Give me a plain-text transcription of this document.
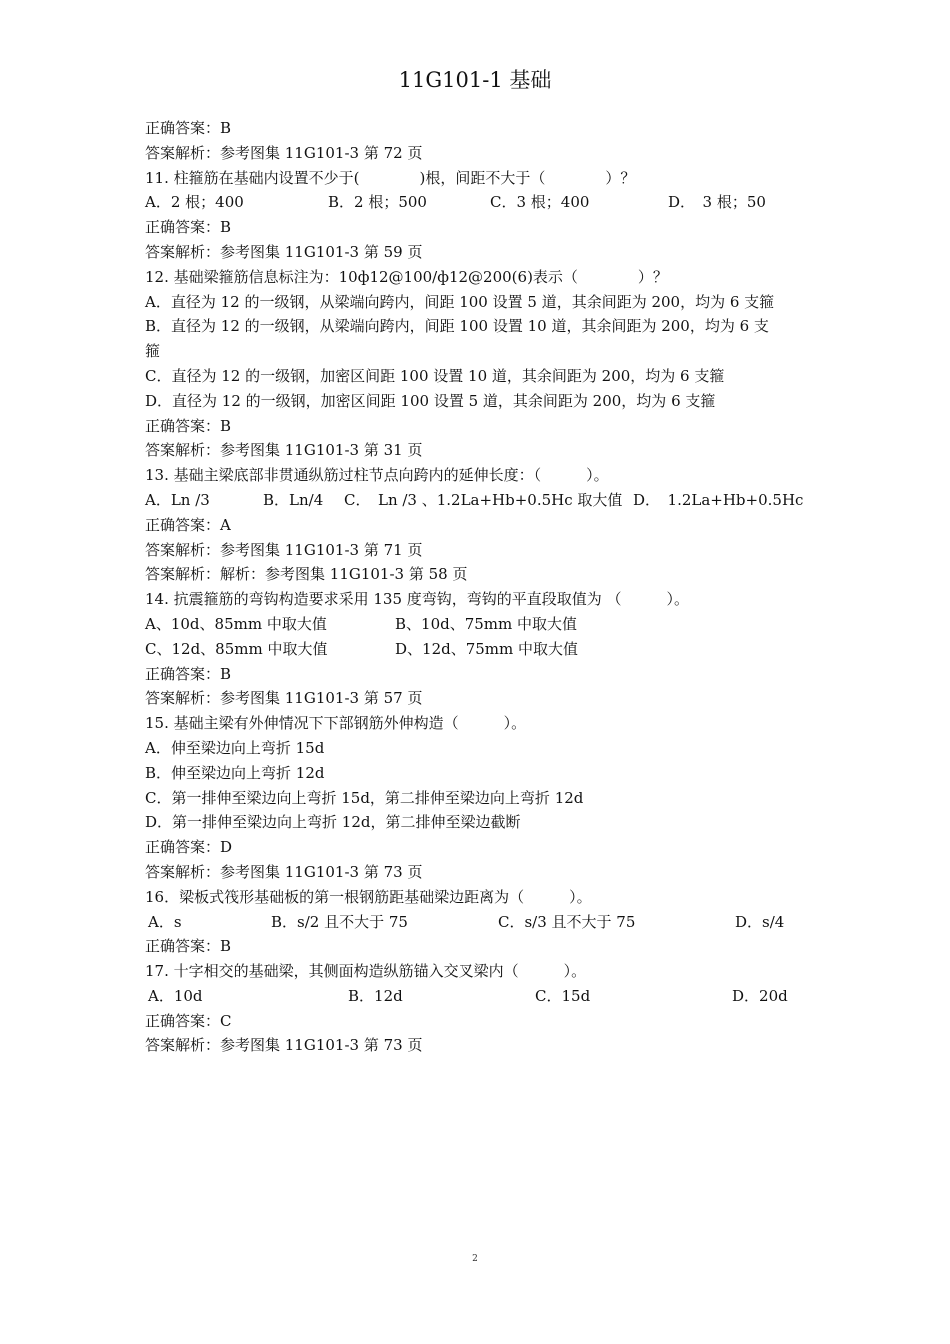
11G101-1 基础
正确答案：B
答案解析：参考图集 11G101-3 第 72 页
11. 柱箍筋在基础内设置不少于(　　　　)根，间距不大于（　　　　）？
A．2 根；400	B．2 根；500	C．3 根；400	D．　3 根；50
正确答案：B
答案解析：参考图集 11G101-3 第 59 页
12. 基础梁箍筋信息标注为：10ф12@100/ф12@200(6)表示（　　　　）？
A．直径为 12 的一级钢，从梁端向跨内，间距 100 设置 5 道，其余间距为 200，均为 6 支箍
B．直径为 12 的一级钢，从梁端向跨内，间距 100 设置 10 道，其余间距为 200，均为 6 支
箍
C．直径为 12 的一级钢，加密区间距 100 设置 10 道，其余间距为 200，均为 6 支箍
D．直径为 12 的一级钢，加密区间距 100 设置 5 道，其余间距为 200，均为 6 支箍
正确答案：B
答案解析：参考图集 11G101-3 第 31 页
13. 基础主梁底部非贯通纵筋过柱节点向跨内的延伸长度：（　　　）。
A．Ln /3	B．Ln/4 C．　Ln /3 、1.2La+Hb+0.5Hc 取大值 D．　1.2La+Hb+0.5Hc
正确答案：A
答案解析：参考图集 11G101-3 第 71 页
答案解析：解析：参考图集 11G101-3 第 58 页
14. 抗震箍筋的弯钩构造要求采用 135 度弯钩，弯钩的平直段取值为 （　　　）。
A、10d、85mm 中取大值	B、10d、75mm 中取大值
C、12d、85mm 中取大值	D、12d、75mm 中取大值
正确答案：B
答案解析：参考图集 11G101-3 第 57 页
15. 基础主梁有外伸情况下下部钢筋外伸构造（　　　）。
A．伸至梁边向上弯折 15d
B．伸至梁边向上弯折 12d
C．第一排伸至梁边向上弯折 15d，第二排伸至梁边向上弯折 12d
D．第一排伸至梁边向上弯折 12d，第二排伸至梁边截断
正确答案：D
答案解析：参考图集 11G101-3 第 73 页
16．梁板式筏形基础板的第一根钢筋距基础梁边距离为（　　　）。
A．s	B．s/2 且不大于 75	C．s/3 且不大于 75	D．s/4
正确答案：B
17. 十字相交的基础梁，其侧面构造纵筋锚入交叉梁内（　　　）。
A．10d	B．12d	C．15d	D．20d
正确答案：C
答案解析：参考图集 11G101-3 第 73 页
2
